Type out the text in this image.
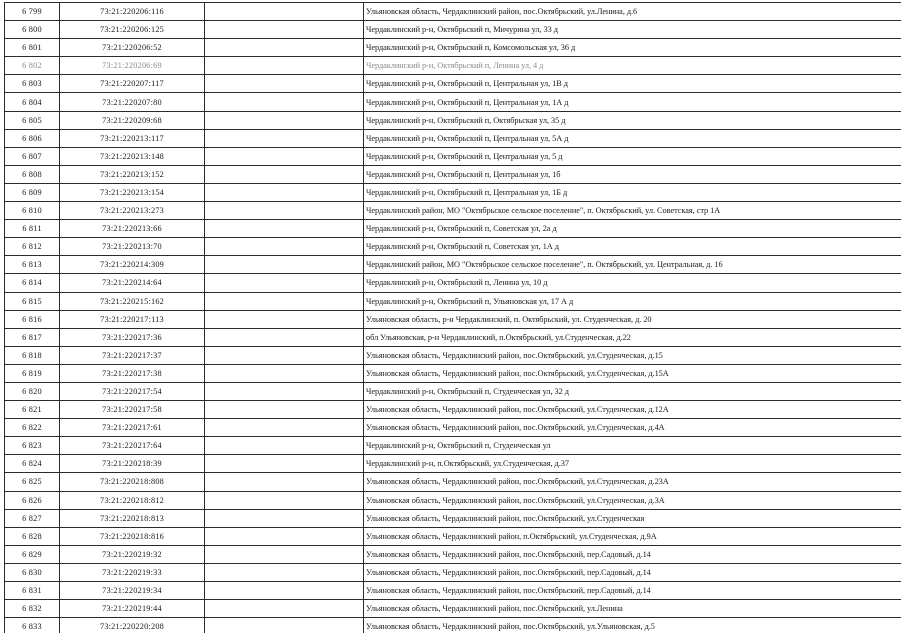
6 799	73:21:220206:116		Ульяновская область, Чердаклинский район, пос.Октябрьский, ул.Ленина, д.6
6 800	73:21:220206:125		Чердаклинский р-н, Октябрьский п, Мичурина ул, 33 д
6 801	73:21:220206:52		Чердаклинский р-н, Октябрьский п, Комсомольская ул, 36 д
6 802	73:21:220206:69		Чердаклинский р-н, Октябрьский п, Ленина ул, 4 д
6 803	73:21:220207:117		Чердаклинский р-н, Октябрьский п, Центральная ул, 1В д
6 804	73:21:220207:80		Чердаклинский р-н, Октябрьский п, Центральная ул, 1А д
6 805	73:21:220209:68		Чердаклинский р-н, Октябрьский п, Октябрьская ул, 35 д
6 806	73:21:220213:117		Чердаклинский р-н, Октябрьский п, Центральная ул, 5А д
6 807	73:21:220213:148		Чердаклинский р-н, Октябрьский п, Центральная ул, 5 д
6 808	73:21:220213:152		Чердаклинский р-н, Октябрьский п, Центральная ул, 1б
6 809	73:21:220213:154		Чердаклинский р-н, Октябрьский п, Центральная ул, 1Б д
6 810	73:21:220213:273		Чердаклинский район, МО "Октябрьское сельское поселение", п. Октябрьский, ул. Советская, стр 1А
6 811	73:21:220213:66		Чердаклинский р-н, Октябрьский п, Советская ул, 2а д
6 812	73:21:220213:70		Чердаклинский р-н, Октябрьский п, Советская ул, 1А д
6 813	73:21:220214:309		Чердаклинский район, МО "Октябрьское сельское поселение", п. Октябрьский, ул. Центральная, д. 16
6 814	73:21:220214:64		Чердаклинский р-н, Октябрьский п, Ленина ул, 10 д
6 815	73:21:220215:162		Чердаклинский р-н, Октябрьский п, Ульяновская ул, 17 А д
6 816	73:21:220217:113		Ульяновская область, р-н Чердаклинский, п. Октябрьский, ул. Студенческая, д. 20
6 817	73:21:220217:36		обл Ульяновская, р-н Чердаклинский, п.Октябрьский, ул.Студенческая, д.22
6 818	73:21:220217:37		Ульяновская область, Чердаклинский район, пос.Октябрьский, ул.Студенческая, д.15
6 819	73:21:220217:38		Ульяновская область, Чердаклинский район, пос.Октябрьский, ул.Студенческая, д.15А
6 820	73:21:220217:54		Чердаклинский р-н, Октябрьский п, Студенческая ул, 32 д
6 821	73:21:220217:58		Ульяновская область, Чердаклинский район, пос.Октябрьский, ул.Студенческая, д.12А
6 822	73:21:220217:61		Ульяновская область, Чердаклинский район, пос.Октябрьский, ул.Студенческая, д.4А
6 823	73:21:220217:64		Чердаклинский р-н, Октябрьский п, Студенческая ул
6 824	73:21:220218:39		Чердаклинский р-н, п.Октябрьский, ул.Студенческая, д.37
6 825	73:21:220218:808		Ульяновская область, Чердаклинский район, пос.Октябрьский, ул.Студенческая, д.23А
6 826	73:21:220218:812		Ульяновская область, Чердаклинский район, пос.Октябрьский, ул.Студенческая, д.3А
6 827	73:21:220218:813		Ульяновская область, Чердаклинский район, пос.Октябрьский, ул.Студенческая
6 828	73:21:220218:816		Ульяновская область, Чердаклинский район, п.Октябрьский, ул.Студенческая, д.9А
6 829	73:21:220219:32		Ульяновская область, Чердаклинский район, пос.Октябрьский, пер.Садовый, д.14
6 830	73:21:220219:33		Ульяновская область, Чердаклинский район, пос.Октябрьский, пер.Садовый, д.14
6 831	73:21:220219:34		Ульяновская область, Чердаклинский район, пос.Октябрьский, пер.Садовый, д.14
6 832	73:21:220219:44		Ульяновская область, Чердаклинский район, пос.Октябрьский, ул.Ленина
6 833	73:21:220220:208		Ульяновская область, Чердаклинский район, пос.Октябрьский, ул.Ульяновская, д.5
